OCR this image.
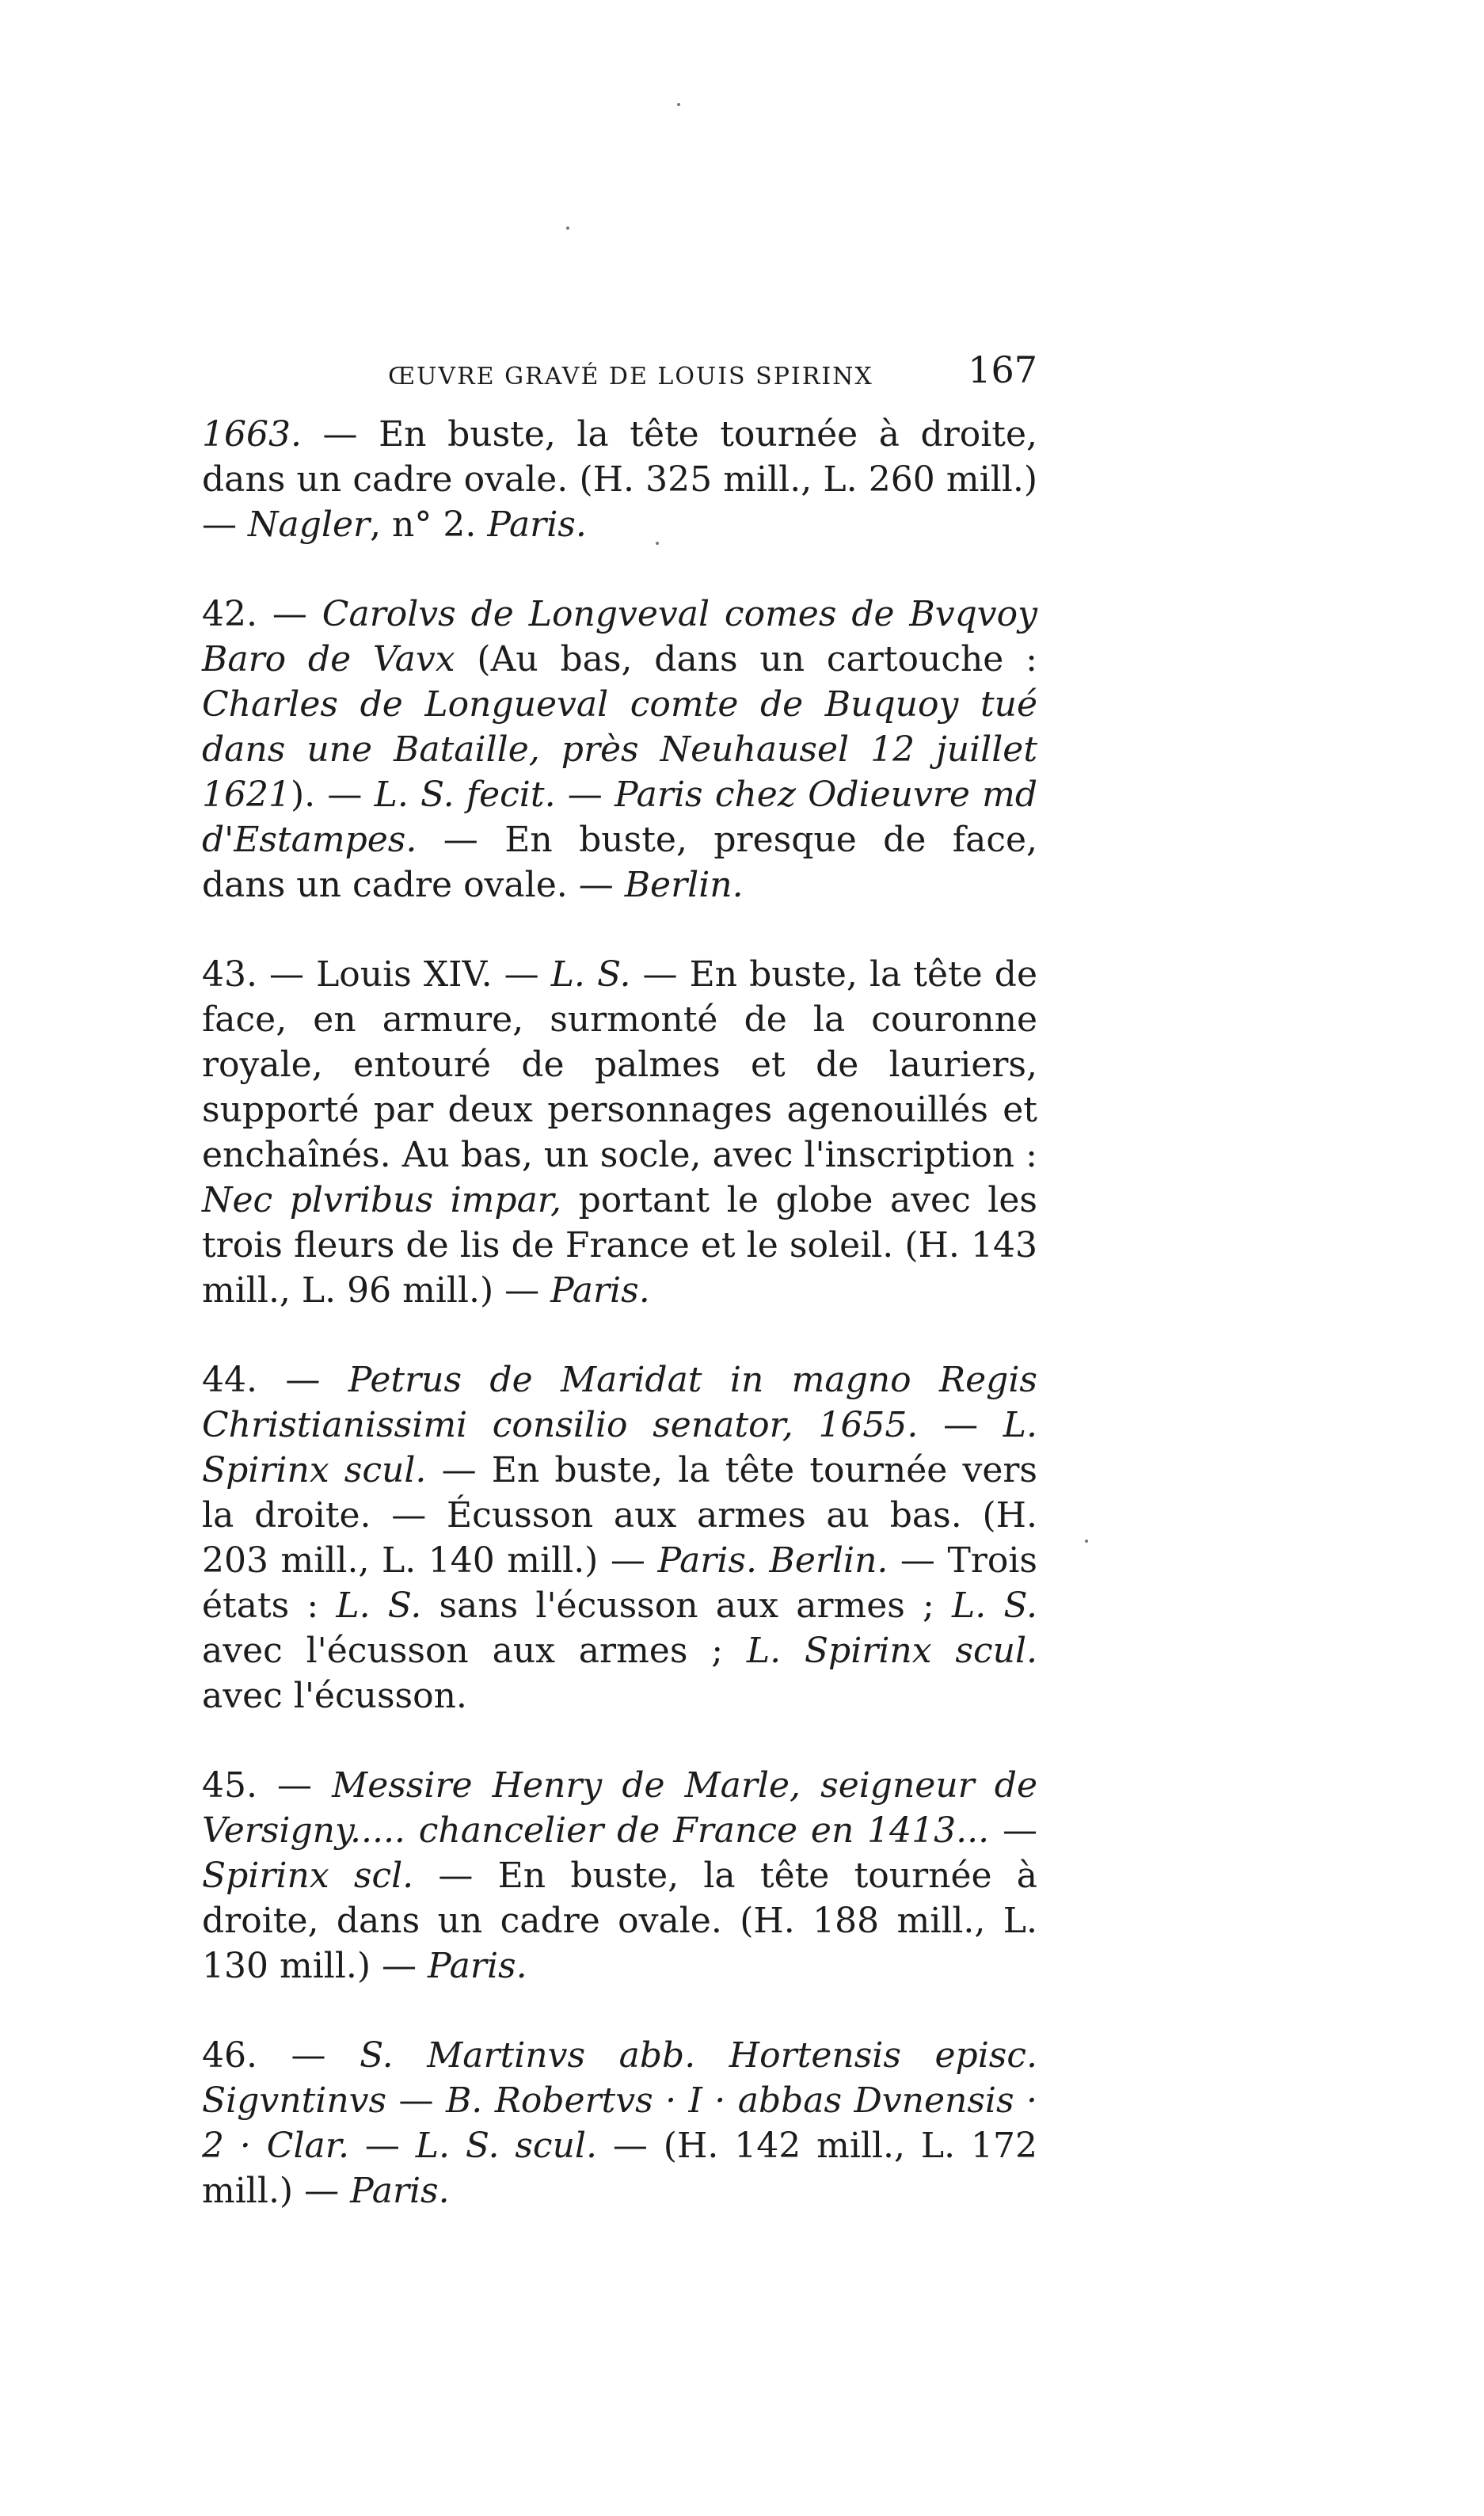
ŒUVRE GRAVÉ DE LOUIS SPIRINX	167

1663. — En buste, la tête tournée à droite, dans un cadre ovale. (H. 325 mill., L. 260 mill.) — Nagler, n° 2. Paris.

42. — Carolvs de Longveval comes de Bvqvoy Baro de Vavx (Au bas, dans un cartouche : Charles de Longueval comte de Buquoy tué dans une Bataille, près Neuhausel 12 juillet 1621). — L. S. fecit. — Paris chez Odieuvre md d'Estampes. — En buste, presque de face, dans un cadre ovale. — Berlin.

43. — Louis XIV. — L. S. — En buste, la tête de face, en armure, surmonté de la couronne royale, entouré de palmes et de lauriers, supporté par deux personnages agenouillés et enchaînés. Au bas, un socle, avec l'inscription : Nec plvribus impar, portant le globe avec les trois fleurs de lis de France et le soleil. (H. 143 mill., L. 96 mill.) — Paris.

44. — Petrus de Maridat in magno Regis Christianissimi consilio senator, 1655. — L. Spirinx scul. — En buste, la tête tournée vers la droite. — Écusson aux armes au bas. (H. 203 mill., L. 140 mill.) — Paris. Berlin. — Trois états : L. S. sans l'écusson aux armes ; L. S. avec l'écusson aux armes ; L. Spirinx scul. avec l'écusson.

45. — Messire Henry de Marle, seigneur de Versigny..... chancelier de France en 1413... — Spirinx scl. — En buste, la tête tournée à droite, dans un cadre ovale. (H. 188 mill., L. 130 mill.) — Paris.

46. — S. Martinvs abb. Hortensis episc. Sigvntinvs — B. Robertvs · I · abbas Dvnensis · 2 · Clar. — L. S. scul. — (H. 142 mill., L. 172 mill.) — Paris.
